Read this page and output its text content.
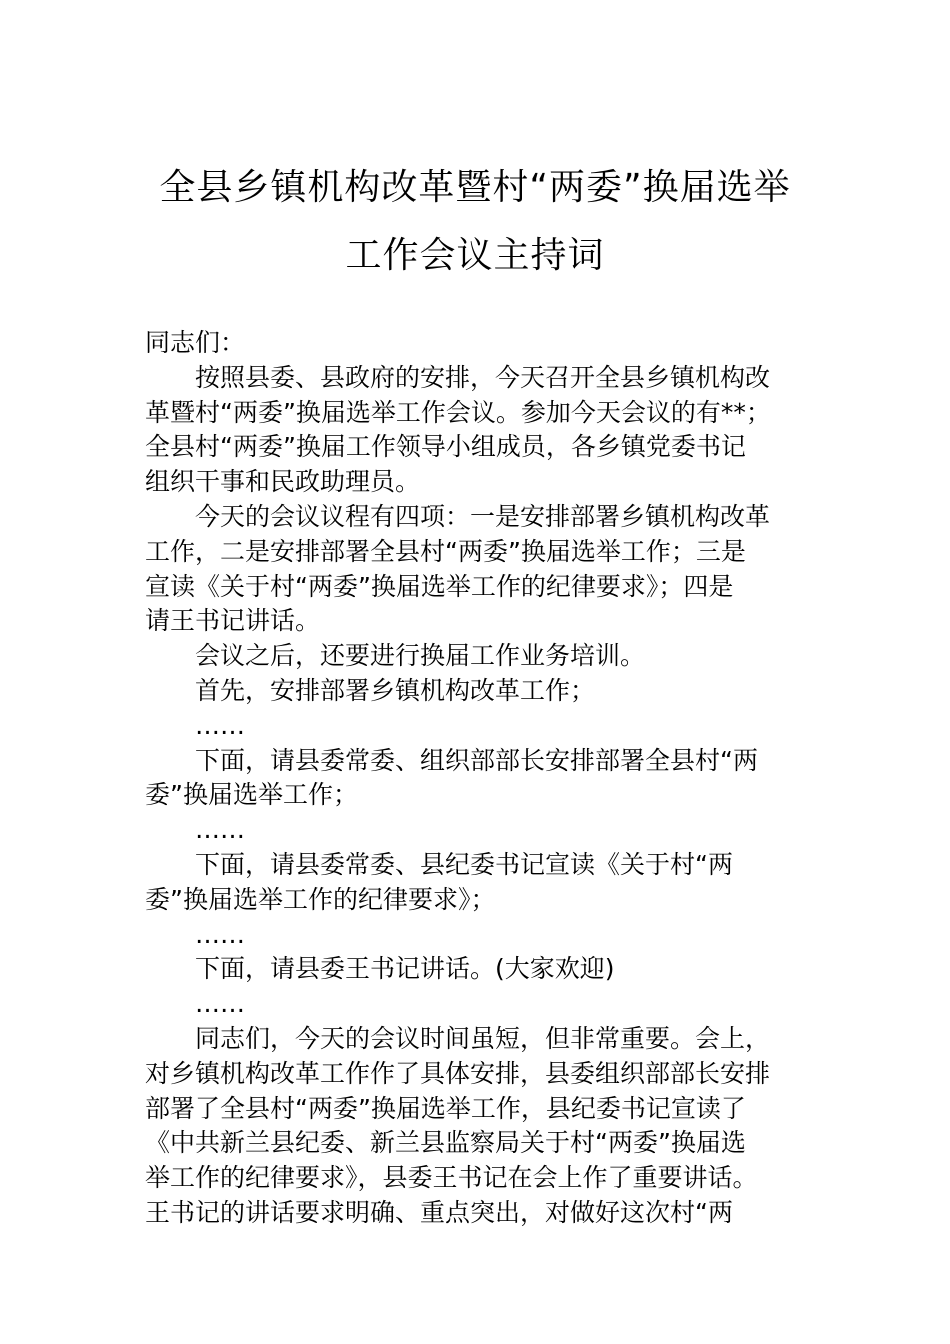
全县乡镇机构改革暨村“两委”换届选举
工作会议主持词
同志们：
按照县委、县政府的安排，今天召开全县乡镇机构改
革暨村“两委”换届选举工作会议。参加今天会议的有**；
全县村“两委”换届工作领导小组成员，各乡镇党委书记
组织干事和民政助理员。
今天的会议议程有四项：一是安排部署乡镇机构改革
工作，二是安排部署全县村“两委”换届选举工作；三是
宣读《关于村“两委”换届选举工作的纪律要求》；四是
请王书记讲话。
会议之后，还要进行换届工作业务培训。
首先，安排部署乡镇机构改革工作；
……
下面，请县委常委、组织部部长安排部署全县村“两
委”换届选举工作；
……
下面，请县委常委、县纪委书记宣读《关于村“两
委”换届选举工作的纪律要求》；
……
下面，请县委王书记讲话。(大家欢迎)
……
同志们，今天的会议时间虽短，但非常重要。会上，
对乡镇机构改革工作作了具体安排，县委组织部部长安排
部署了全县村“两委”换届选举工作，县纪委书记宣读了
《中共新兰县纪委、新兰县监察局关于村“两委”换届选
举工作的纪律要求》，县委王书记在会上作了重要讲话。
王书记的讲话要求明确、重点突出，对做好这次村“两
